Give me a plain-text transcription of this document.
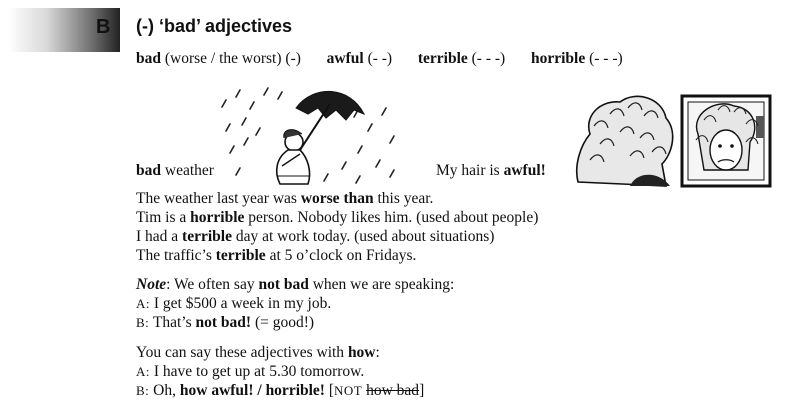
B (-) ‘bad’ adjectives
bad (worse / the worst) (-) awful (- -) terrible (- - -) horrible (- - -)
bad weather	My hair is awful!
The weather last year was worse than this year.
Tim is a horrible person. Nobody likes him. (used about people)
I had a terrible day at work today. (used about situations)
The traffic’s terrible at 5 o’clock on Fridays.
Note: We often say not bad when we are speaking:
A: I get $500 a week in my job.
B: That’s not bad! (= good!)
You can say these adjectives with how:
A: I have to get up at 5.30 tomorrow.
B: Oh, how awful! / horrible! [NOT how bad]
